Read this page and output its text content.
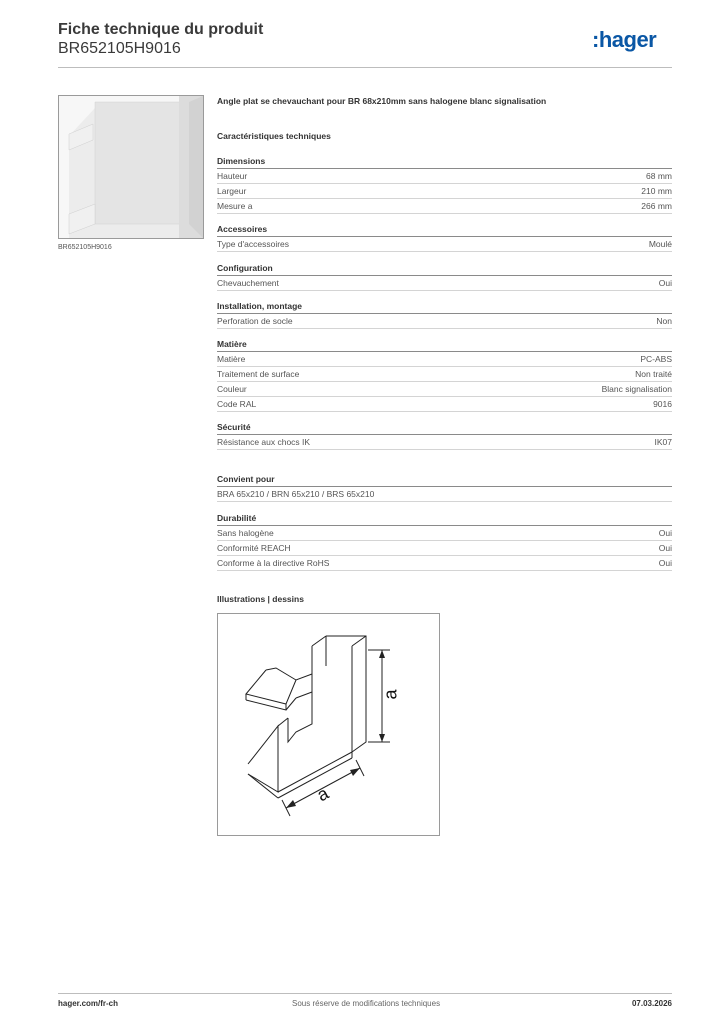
Fiche technique du produit
BR652105H9016	:hager
BR652105H9016
Angle plat se chevauchant pour BR 68x210mm sans halogene blanc signalisation
Caractéristiques techniques
Dimensions
Hauteur	68 mm
Largeur	210 mm
Mesure a	266 mm
Accessoires
Type d'accessoires	Moulé
Configuration
Chevauchement	Oui
Installation, montage
Perforation de socle	Non
Matière
Matière	PC-ABS
Traitement de surface	Non traité
Couleur	Blanc signalisation
Code RAL	9016
Sécurité
Résistance aux chocs IK	IK07
Convient pour
BRA 65x210 / BRN 65x210 / BRS 65x210
Durabilité
Sans halogène	Oui
Conformité REACH	Oui
Conforme à la directive RoHS	Oui
Illustrations | dessins
a
a
hager.com/fr-ch	Sous réserve de modifications techniques	07.03.2026
